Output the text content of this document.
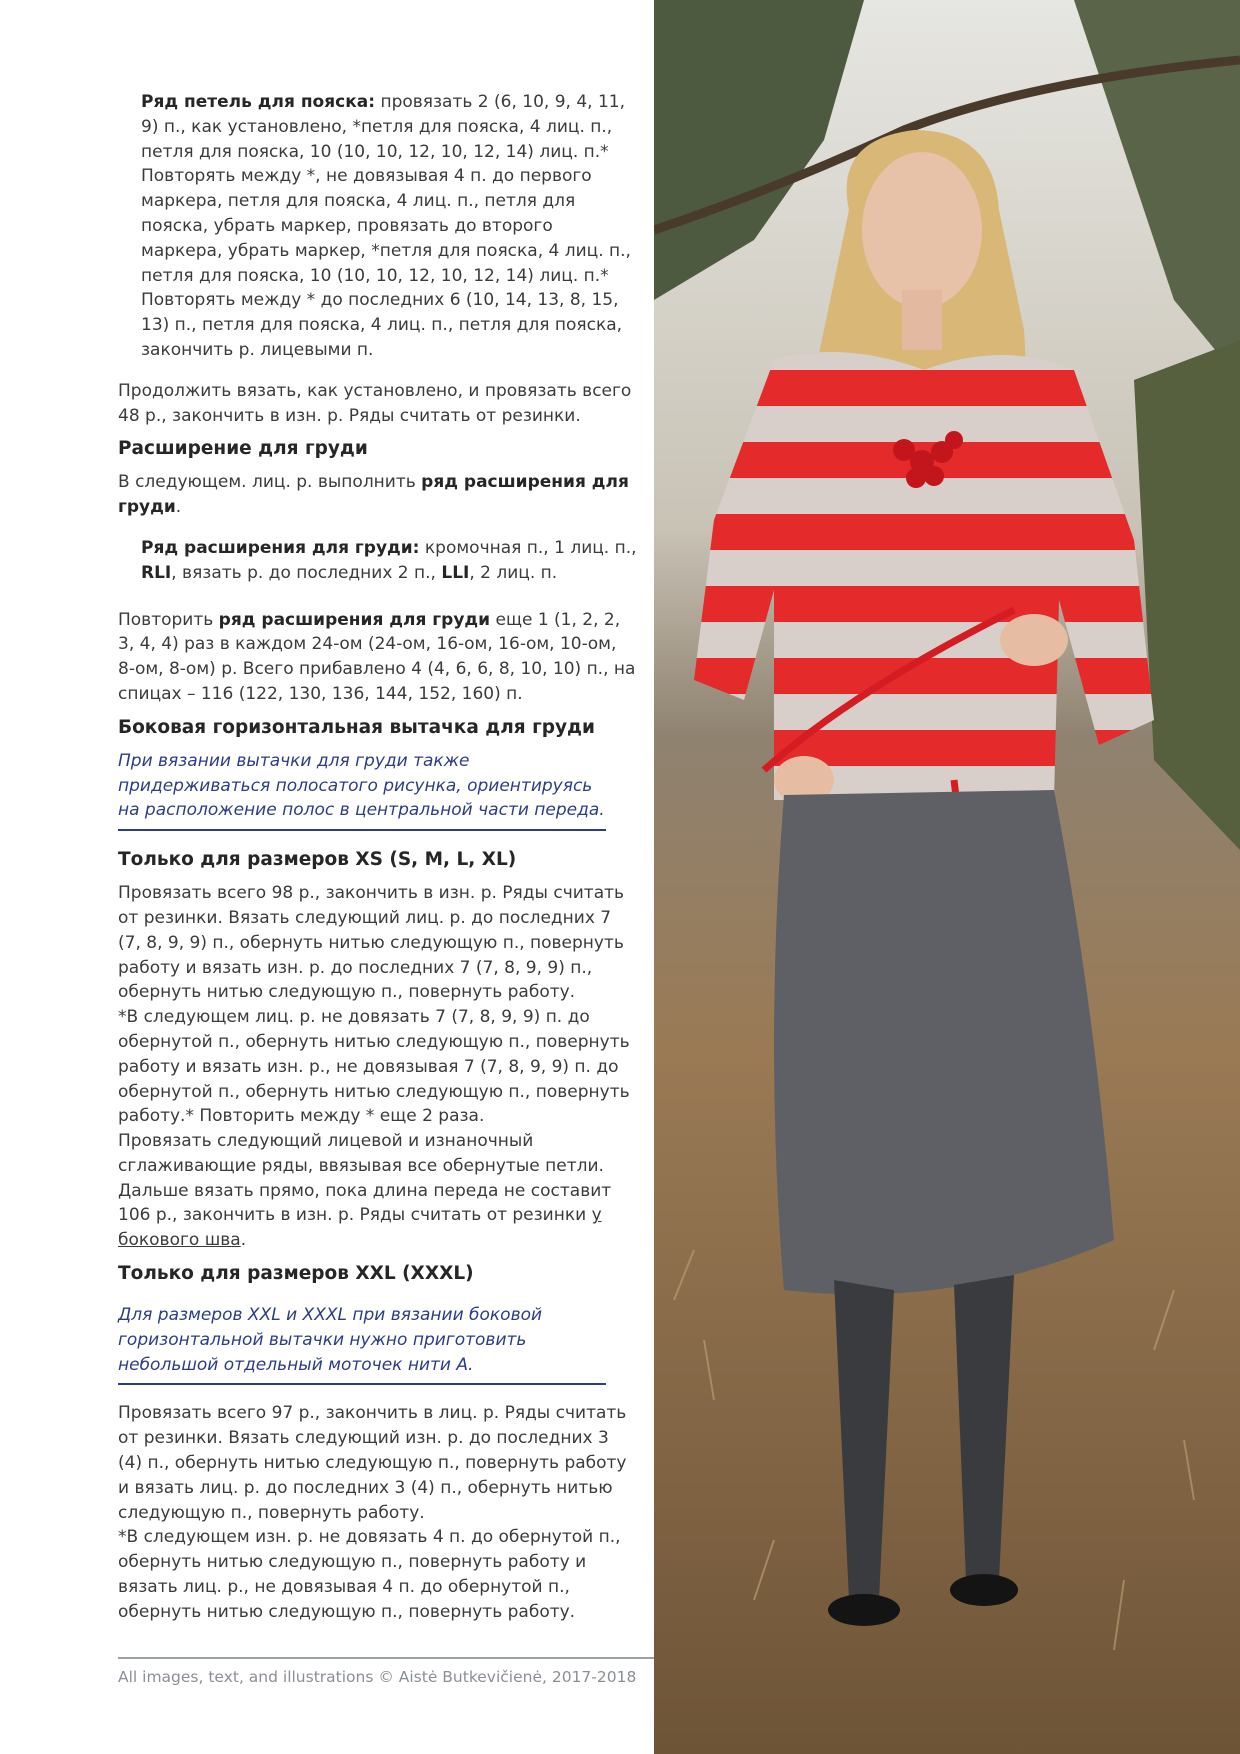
Ряд петель для пояска: провязать 2 (6, 10, 9, 4, 11, 9) п., как установлено, *петля для пояска, 4 лиц. п., петля для пояска, 10 (10, 10, 12, 10, 12, 14) лиц. п.* Повторять между *, не довязывая 4 п. до первого маркера, петля для пояска, 4 лиц. п., петля для пояска, убрать маркер, провязать до второго маркера, убрать маркер, *петля для пояска, 4 лиц. п., петля для пояска, 10 (10, 10, 12, 10, 12, 14) лиц. п.* Повторять между * до последних 6 (10, 14, 13, 8, 15, 13) п., петля для пояска, 4 лиц. п., петля для пояска, закончить р. лицевыми п.

Продолжить вязать, как установлено, и провязать всего 48 р., закончить в изн. р. Ряды считать от резинки.

Расширение для груди

В следующем. лиц. р. выполнить ряд расширения для груди.

Ряд расширения для груди: кромочная п., 1 лиц. п., RLI, вязать р. до последних 2 п., LLI, 2 лиц. п.

Повторить ряд расширения для груди еще 1 (1, 2, 2, 3, 4, 4) раз в каждом 24-ом (24-ом, 16-ом, 16-ом, 10-ом, 8-ом, 8-ом) р. Всего прибавлено 4 (4, 6, 6, 8, 10, 10) п., на спицах – 116 (122, 130, 136, 144, 152, 160) п.

Боковая горизонтальная вытачка для груди

При вязании вытачки для груди также придерживаться полосатого рисунка, ориентируясь на расположение полос в центральной части переда.

Только для размеров XS (S, M, L, XL)

Провязать всего 98 р., закончить в изн. р. Ряды считать от резинки. Вязать следующий лиц. р. до последних 7 (7, 8, 9, 9) п., обернуть нитью следующую п., повернуть работу и вязать изн. р. до последних 7 (7, 8, 9, 9) п., обернуть нитью следующую п., повернуть работу.

*В следующем лиц. р. не довязать 7 (7, 8, 9, 9) п. до обернутой п., обернуть нитью следующую п., повернуть работу и вязать изн. р., не довязывая 7 (7, 8, 9, 9) п. до обернутой п., обернуть нитью следующую п., повернуть работу.* Повторить между * еще 2 раза.

Провязать следующий лицевой и изнаночный сглаживающие ряды, ввязывая все обернутые петли. Дальше вязать прямо, пока длина переда не составит 106 р., закончить в изн. р. Ряды считать от резинки у бокового шва.

Только для размеров XXL (XXXL)

Для размеров XXL и XXXL при вязании боковой горизонтальной вытачки нужно приготовить небольшой отдельный моточек нити А.

Провязать всего 97 р., закончить в лиц. р. Ряды считать от резинки. Вязать следующий изн. р. до последних 3 (4) п., обернуть нитью следующую п., повернуть работу и вязать лиц. р. до последних 3 (4) п., обернуть нитью следующую п., повернуть работу.

*В следующем изн. р. не довязать 4 п. до обернутой п., обернуть нитью следующую п., повернуть работу и вязать лиц. р., не довязывая 4 п. до обернутой п., обернуть нитью следующую п., повернуть работу.

All images, text, and illustrations © Aistė Butkevičienė, 2017-2018
